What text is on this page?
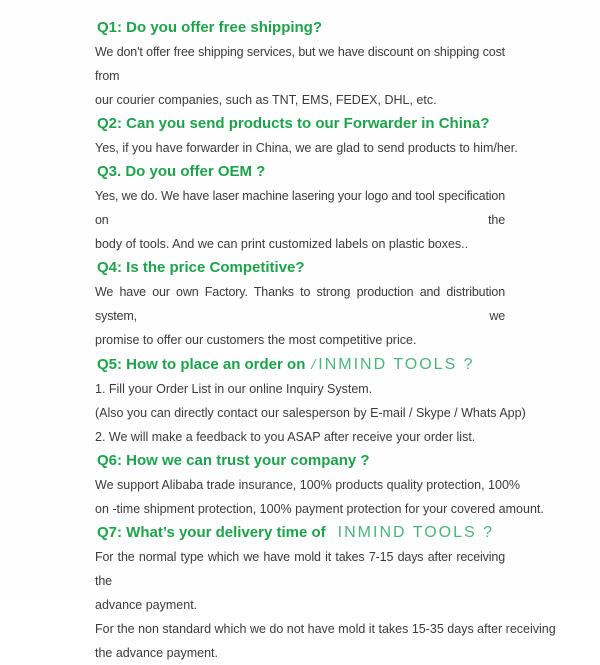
Q1: Do you offer free shipping?
We don't offer free shipping services, but we have discount on shipping cost from
our courier companies, such as TNT, EMS, FEDEX, DHL, etc.
Q2: Can you send products to our Forwarder in China?
Yes, if you have forwarder in China, we are glad to send products to him/her.
Q3. Do you offer OEM ?
Yes, we do. We have laser machine lasering your logo and tool specification on the
body of tools. And we can print customized labels on plastic boxes..
Q4: Is the price Competitive?
We have our own Factory. Thanks to strong production and distribution system, we
promise to offer our customers the most competitive price.
Q5: How to place an order on / INMIND TOOLS ?
1. Fill your Order List in our online Inquiry System.
(Also you can directly contact our salesperson by E-mail / Skype / Whats App)
2. We will make a feedback to you ASAP after receive your order list.
Q6: How we can trust your company ?
We support Alibaba trade insurance, 100% products quality protection, 100%
on -time shipment protection, 100% payment protection for your covered amount.
Q7: What’s your delivery time of INMIND TOOLS ?
For the normal type which we have mold it takes 7-15 days after receiving the
advance payment.
For the non standard which we do not have mold it takes 15-35 days after receiving
the advance payment.
